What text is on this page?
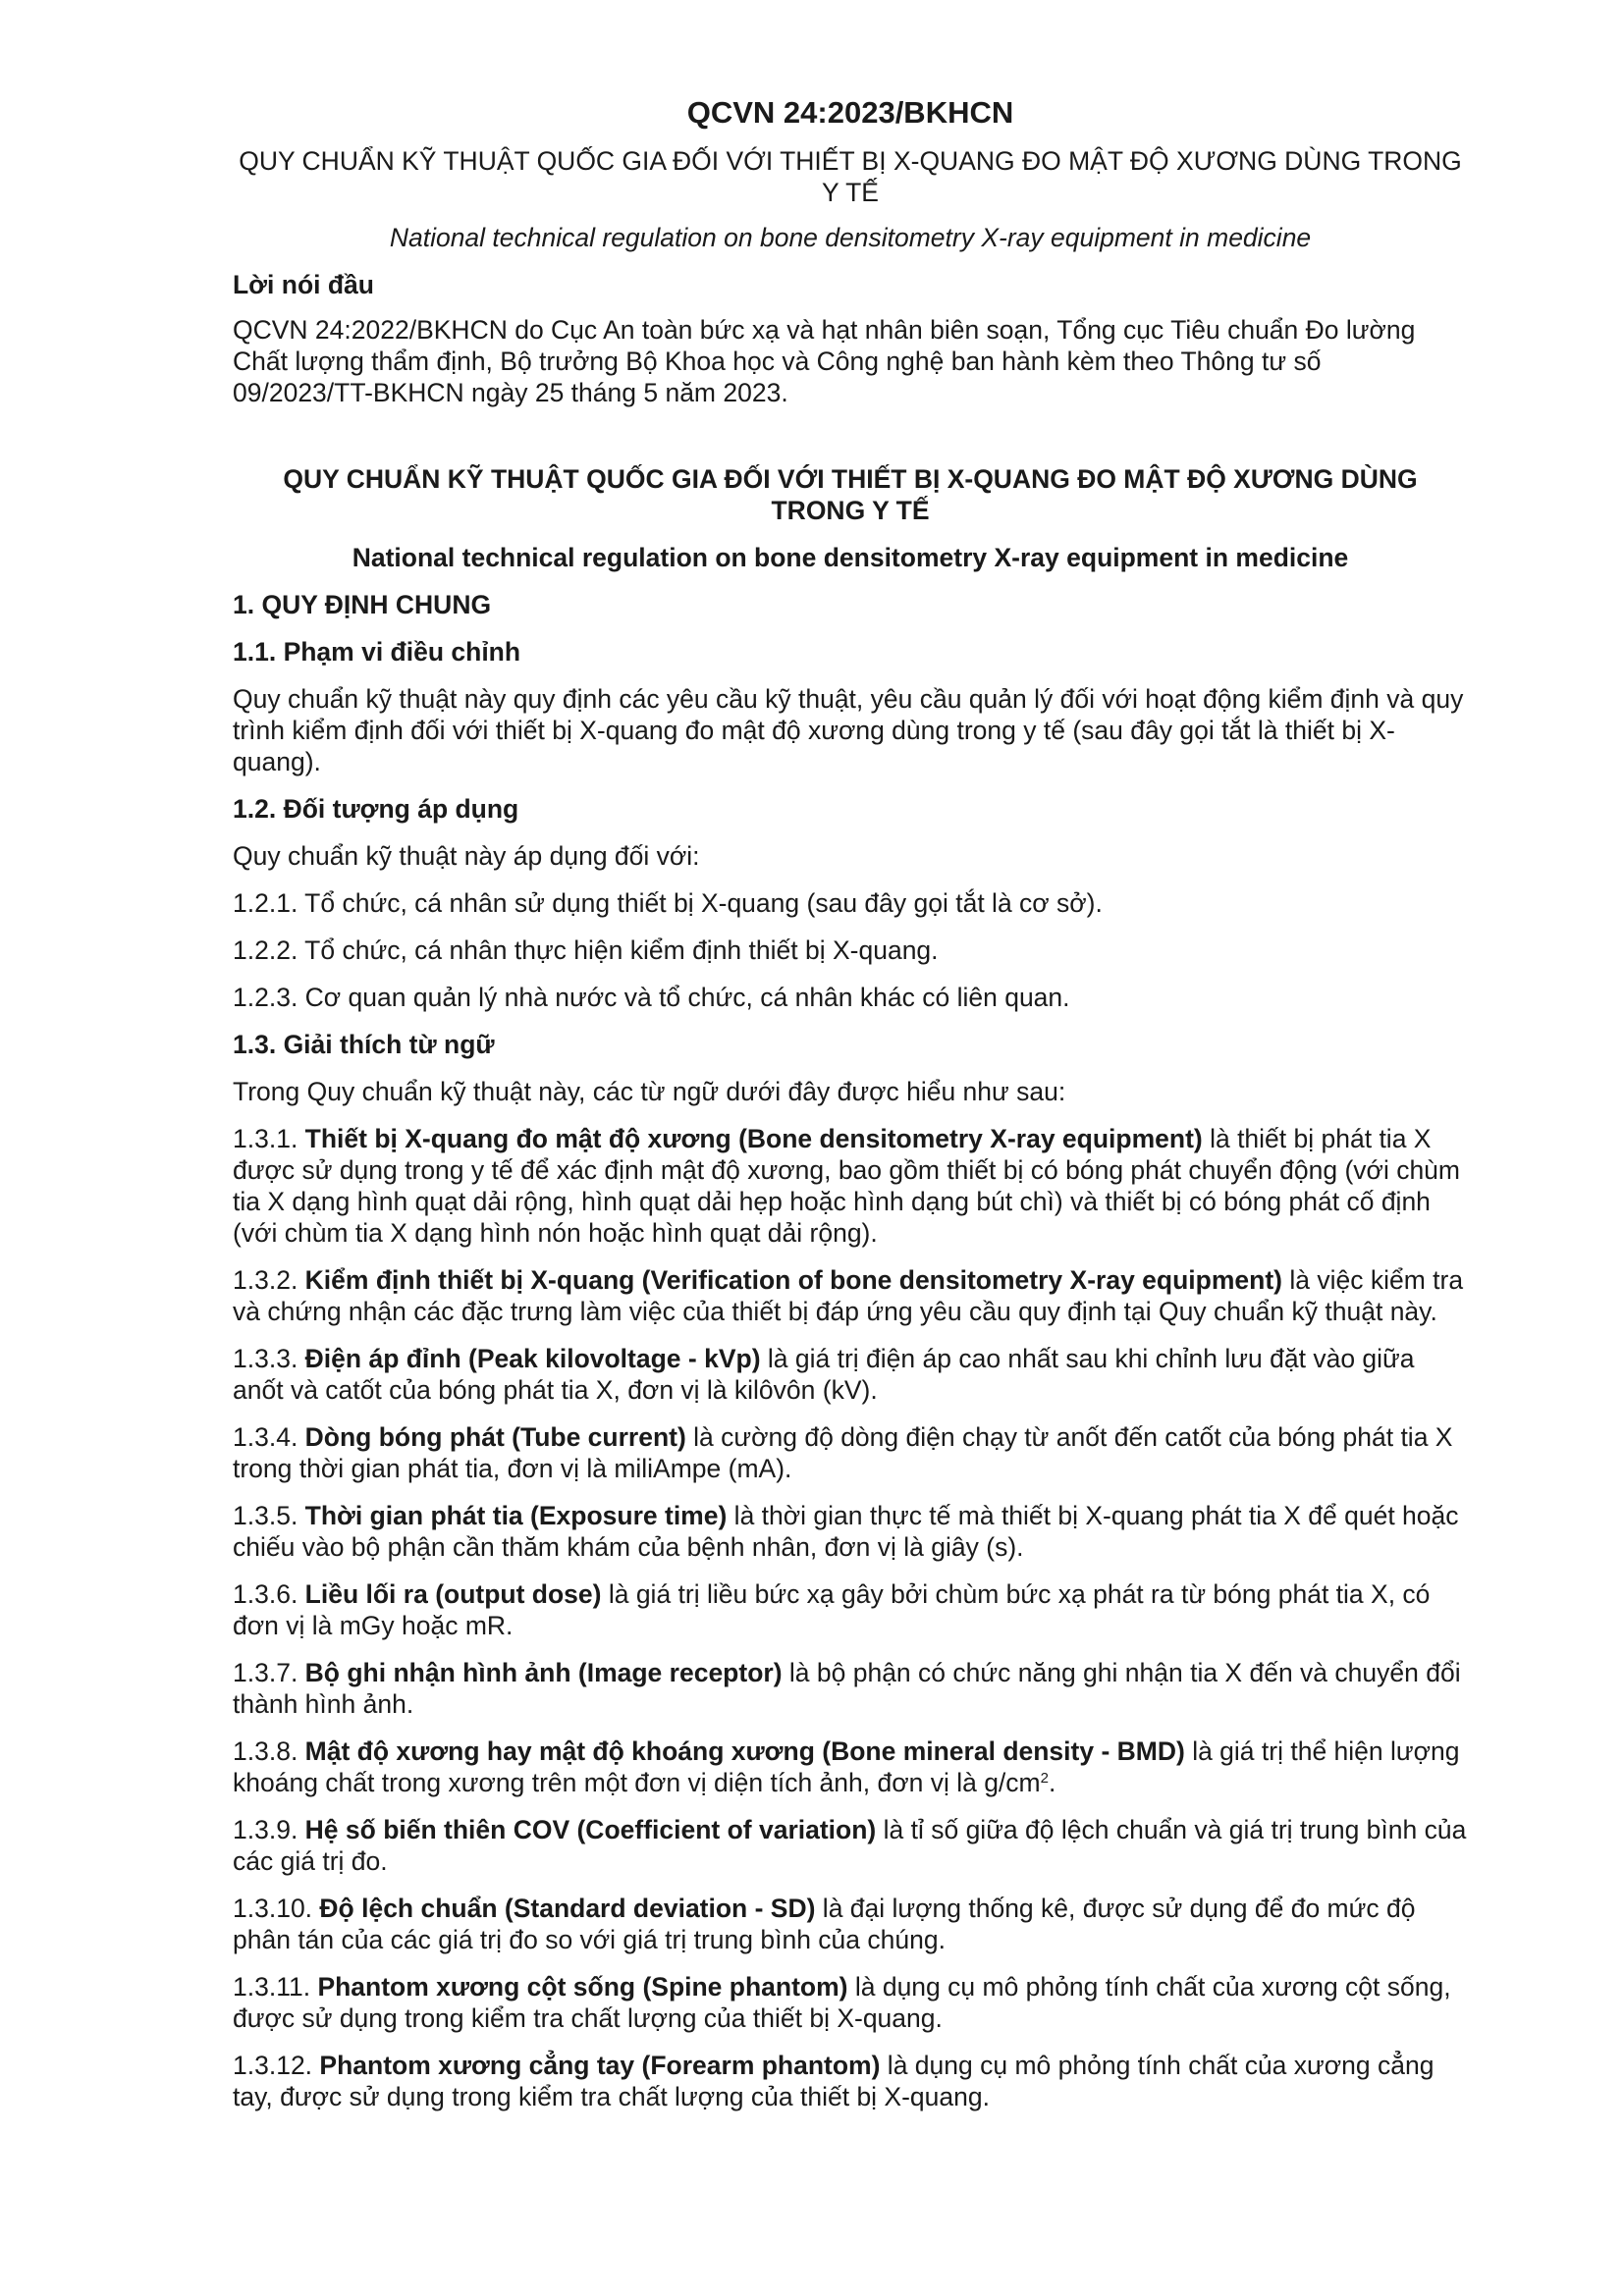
QCVN 24:2023/BKHCN

QUY CHUẨN KỸ THUẬT QUỐC GIA ĐỐI VỚI THIẾT BỊ X-QUANG ĐO MẬT ĐỘ XƯƠNG DÙNG TRONG Y TẾ

National technical regulation on bone densitometry X-ray equipment in medicine

Lời nói đầu

QCVN 24:2022/BKHCN do Cục An toàn bức xạ và hạt nhân biên soạn, Tổng cục Tiêu chuẩn Đo lường Chất lượng thẩm định, Bộ trưởng Bộ Khoa học và Công nghệ ban hành kèm theo Thông tư số 09/2023/TT-BKHCN ngày 25 tháng 5 năm 2023.

QUY CHUẨN KỸ THUẬT QUỐC GIA ĐỐI VỚI THIẾT BỊ X-QUANG ĐO MẬT ĐỘ XƯƠNG DÙNG TRONG Y TẾ

National technical regulation on bone densitometry X-ray equipment in medicine

1. QUY ĐỊNH CHUNG

1.1. Phạm vi điều chỉnh

Quy chuẩn kỹ thuật này quy định các yêu cầu kỹ thuật, yêu cầu quản lý đối với hoạt động kiểm định và quy trình kiểm định đối với thiết bị X-quang đo mật độ xương dùng trong y tế (sau đây gọi tắt là thiết bị X-quang).

1.2. Đối tượng áp dụng

Quy chuẩn kỹ thuật này áp dụng đối với:

1.2.1. Tổ chức, cá nhân sử dụng thiết bị X-quang (sau đây gọi tắt là cơ sở).

1.2.2. Tổ chức, cá nhân thực hiện kiểm định thiết bị X-quang.

1.2.3. Cơ quan quản lý nhà nước và tổ chức, cá nhân khác có liên quan.

1.3. Giải thích từ ngữ

Trong Quy chuẩn kỹ thuật này, các từ ngữ dưới đây được hiểu như sau:

1.3.1. Thiết bị X-quang đo mật độ xương (Bone densitometry X-ray equipment) là thiết bị phát tia X được sử dụng trong y tế để xác định mật độ xương, bao gồm thiết bị có bóng phát chuyển động (với chùm tia X dạng hình quạt dải rộng, hình quạt dải hẹp hoặc hình dạng bút chì) và thiết bị có bóng phát cố định (với chùm tia X dạng hình nón hoặc hình quạt dải rộng).

1.3.2. Kiểm định thiết bị X-quang (Verification of bone densitometry X-ray equipment) là việc kiểm tra và chứng nhận các đặc trưng làm việc của thiết bị đáp ứng yêu cầu quy định tại Quy chuẩn kỹ thuật này.

1.3.3. Điện áp đỉnh (Peak kilovoltage - kVp) là giá trị điện áp cao nhất sau khi chỉnh lưu đặt vào giữa anốt và catốt của bóng phát tia X, đơn vị là kilôvôn (kV).

1.3.4. Dòng bóng phát (Tube current) là cường độ dòng điện chạy từ anốt đến catốt của bóng phát tia X trong thời gian phát tia, đơn vị là miliAmpe (mA).

1.3.5. Thời gian phát tia (Exposure time) là thời gian thực tế mà thiết bị X-quang phát tia X để quét hoặc chiếu vào bộ phận cần thăm khám của bệnh nhân, đơn vị là giây (s).

1.3.6. Liều lối ra (output dose) là giá trị liều bức xạ gây bởi chùm bức xạ phát ra từ bóng phát tia X, có đơn vị là mGy hoặc mR.

1.3.7. Bộ ghi nhận hình ảnh (Image receptor) là bộ phận có chức năng ghi nhận tia X đến và chuyển đổi thành hình ảnh.

1.3.8. Mật độ xương hay mật độ khoáng xương (Bone mineral density - BMD) là giá trị thể hiện lượng khoáng chất trong xương trên một đơn vị diện tích ảnh, đơn vị là $g/cm^2$.

1.3.9. Hệ số biến thiên COV (Coefficient of variation) là tỉ số giữa độ lệch chuẩn và giá trị trung bình của các giá trị đo.

1.3.10. Độ lệch chuẩn (Standard deviation - SD) là đại lượng thống kê, được sử dụng để đo mức độ phân tán của các giá trị đo so với giá trị trung bình của chúng.

1.3.11. Phantom xương cột sống (Spine phantom) là dụng cụ mô phỏng tính chất của xương cột sống, được sử dụng trong kiểm tra chất lượng của thiết bị X-quang.

1.3.12. Phantom xương cẳng tay (Forearm phantom) là dụng cụ mô phỏng tính chất của xương cẳng tay, được sử dụng trong kiểm tra chất lượng của thiết bị X-quang.
